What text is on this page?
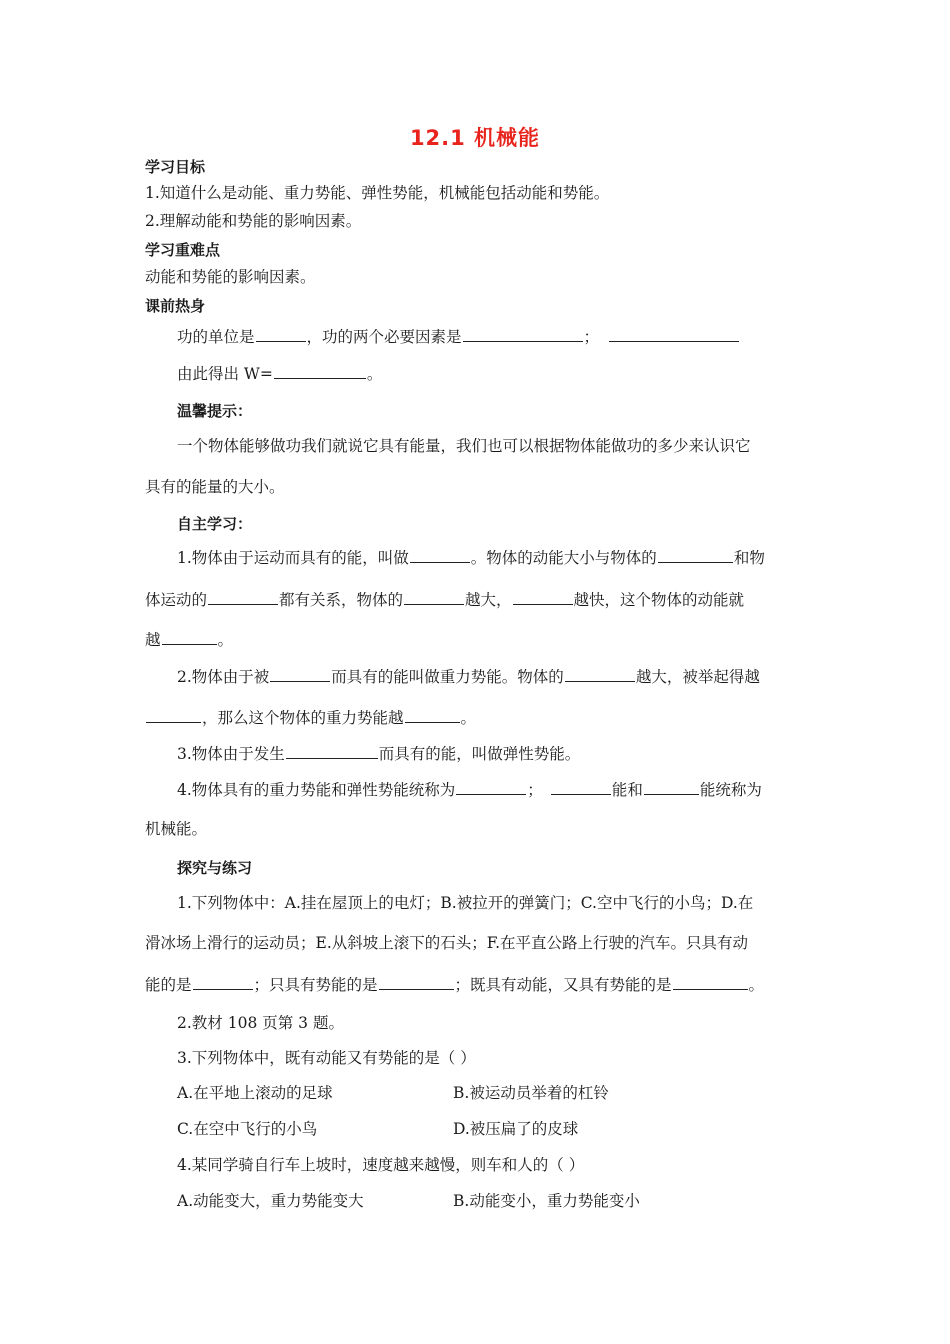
12.1 机械能
学习目标
1.知道什么是动能、重力势能、弹性势能，机械能包括动能和势能。
2.理解动能和势能的影响因素。
学习重难点
动能和势能的影响因素。
课前热身
功的单位是	，功的两个必要因素是	；
由此得出 W=	。
温馨提示：
一个物体能够做功我们就说它具有能量，我们也可以根据物体能做功的多少来认识它
具有的能量的大小。
自主学习：
1.物体由于运动而具有的能，叫做	。物体的动能大小与物体的	和物
体运动的	都有关系，物体的	越大，	越快，这个物体的动能就
越	。
2.物体由于被	而具有的能叫做重力势能。物体的	越大，被举起得越
，那么这个物体的重力势能越	。
3.物体由于发生	而具有的能，叫做弹性势能。
4.物体具有的重力势能和弹性势能统称为	；	能和	能统称为
机械能。
探究与练习
1.下列物体中：A.挂在屋顶上的电灯；B.被拉开的弹簧门；C.空中飞行的小鸟；D.在
滑冰场上滑行的运动员；E.从斜坡上滚下的石头；F.在平直公路上行驶的汽车。只具有动
能的是	；只具有势能的是	；既具有动能，又具有势能的是	。
2.教材 108 页第 3 题。
3.下列物体中，既有动能又有势能的是（ ）
A.在平地上滚动的足球	B.被运动员举着的杠铃
C.在空中飞行的小鸟	D.被压扁了的皮球
4.某同学骑自行车上坡时，速度越来越慢，则车和人的（ ）
A.动能变大，重力势能变大	B.动能变小，重力势能变小
